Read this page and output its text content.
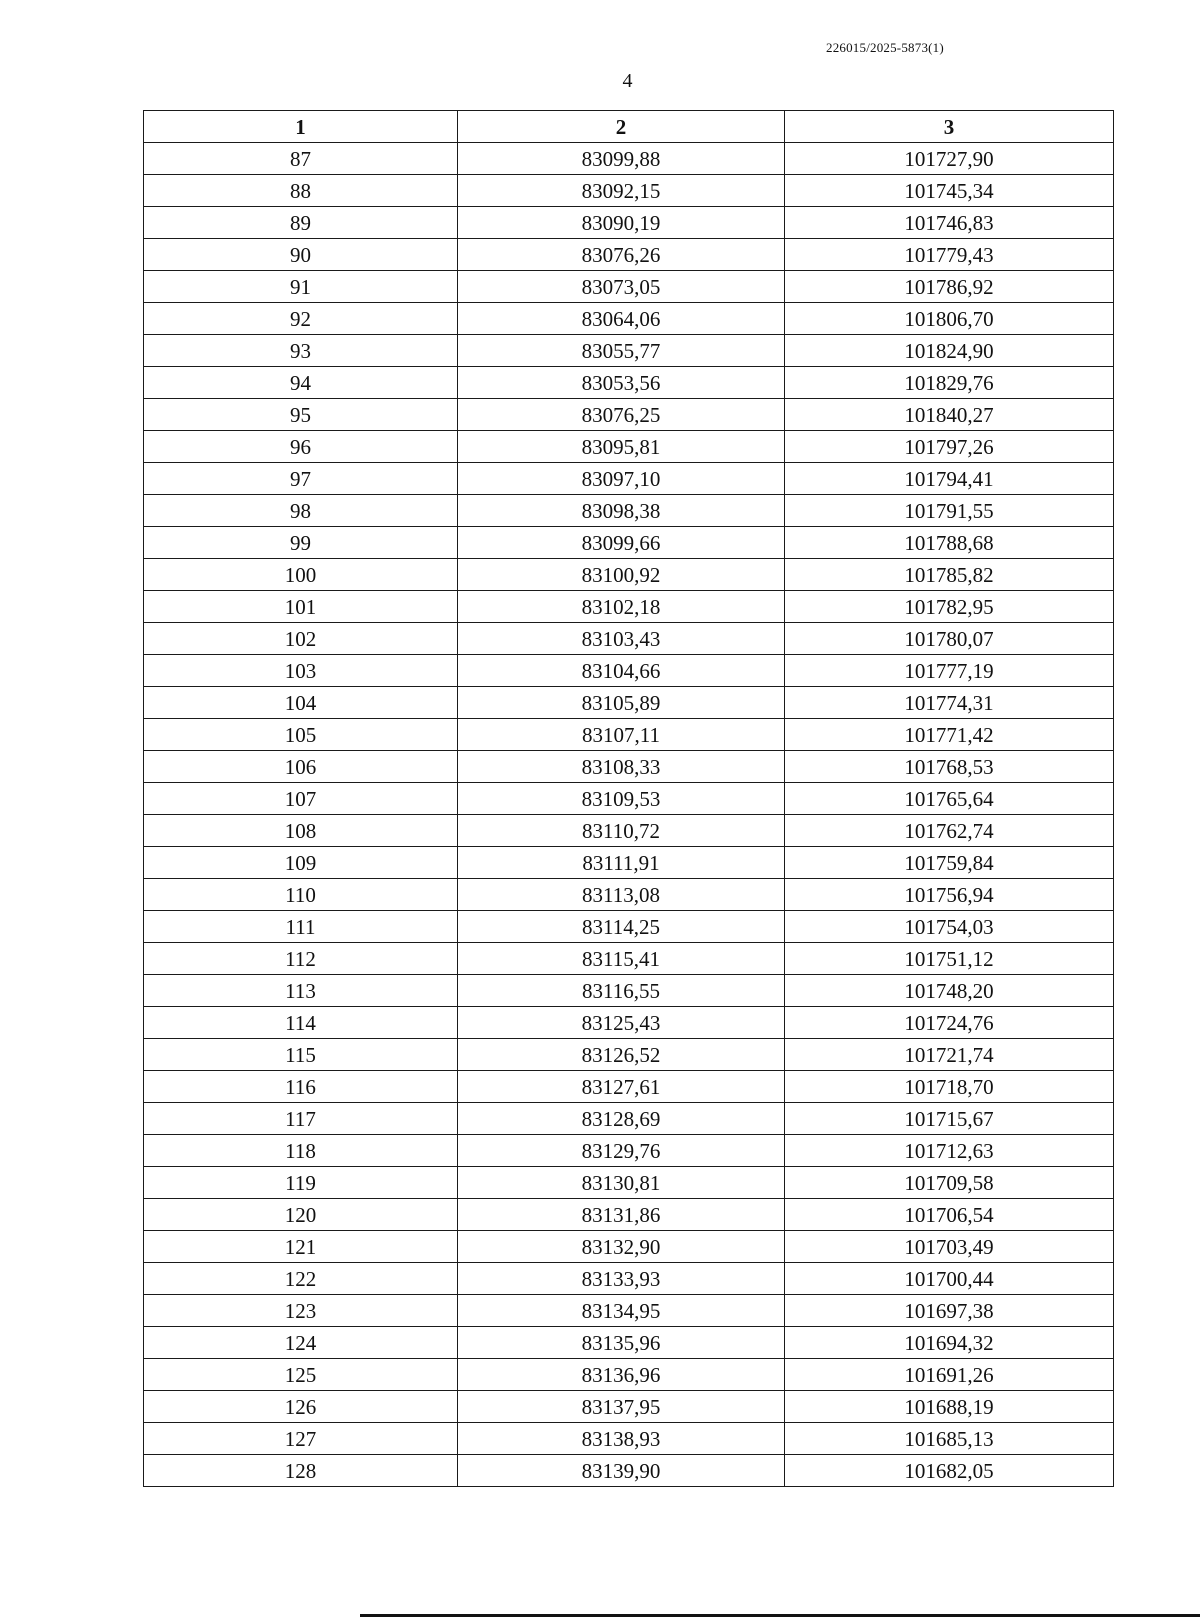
226015/2025-5873(1)
4
1	2	3
87	83099,88	101727,90
88	83092,15	101745,34
89	83090,19	101746,83
90	83076,26	101779,43
91	83073,05	101786,92
92	83064,06	101806,70
93	83055,77	101824,90
94	83053,56	101829,76
95	83076,25	101840,27
96	83095,81	101797,26
97	83097,10	101794,41
98	83098,38	101791,55
99	83099,66	101788,68
100	83100,92	101785,82
101	83102,18	101782,95
102	83103,43	101780,07
103	83104,66	101777,19
104	83105,89	101774,31
105	83107,11	101771,42
106	83108,33	101768,53
107	83109,53	101765,64
108	83110,72	101762,74
109	83111,91	101759,84
110	83113,08	101756,94
111	83114,25	101754,03
112	83115,41	101751,12
113	83116,55	101748,20
114	83125,43	101724,76
115	83126,52	101721,74
116	83127,61	101718,70
117	83128,69	101715,67
118	83129,76	101712,63
119	83130,81	101709,58
120	83131,86	101706,54
121	83132,90	101703,49
122	83133,93	101700,44
123	83134,95	101697,38
124	83135,96	101694,32
125	83136,96	101691,26
126	83137,95	101688,19
127	83138,93	101685,13
128	83139,90	101682,05
